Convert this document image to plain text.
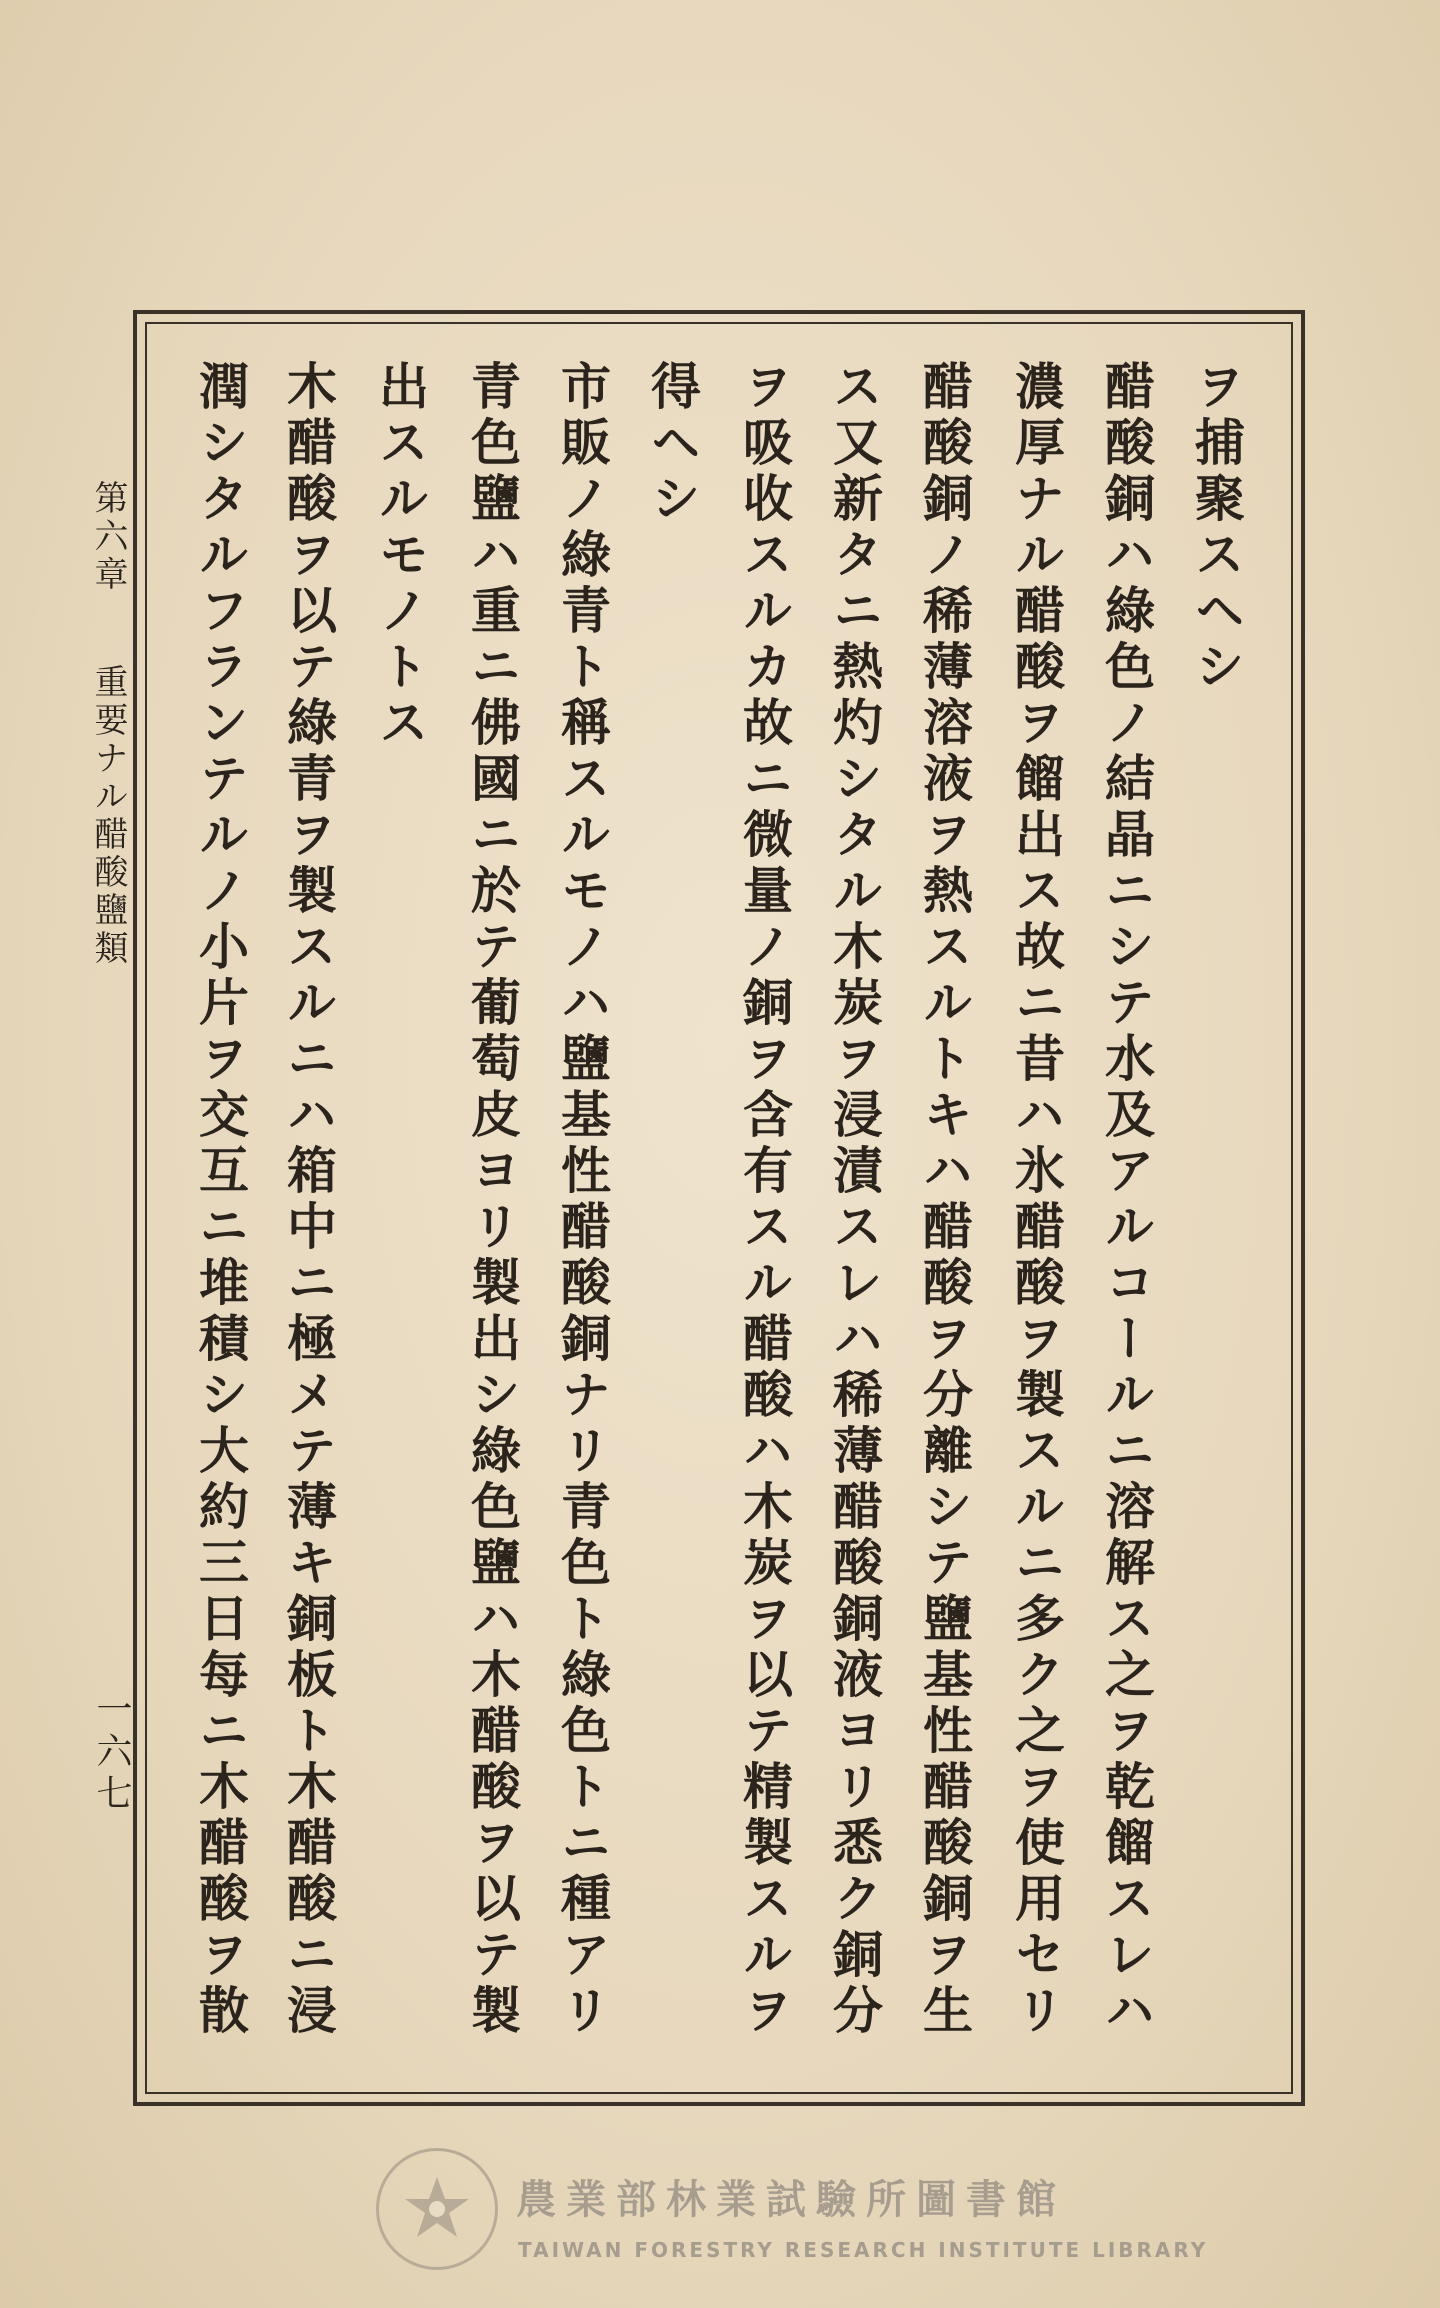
ヲ捕聚スヘシ
醋酸銅ハ綠色ノ結晶ニシテ水及アルコールニ溶解ス之ヲ乾餾スレハ
濃厚ナル醋酸ヲ餾出ス故ニ昔ハ氷醋酸ヲ製スルニ多ク之ヲ使用セリ
醋酸銅ノ稀薄溶液ヲ熱スルトキハ醋酸ヲ分離シテ鹽基性醋酸銅ヲ生
ス又新タニ熱灼シタル木炭ヲ浸漬スレハ稀薄醋酸銅液ヨリ悉ク銅分
ヲ吸收スルカ故ニ微量ノ銅ヲ含有スル醋酸ハ木炭ヲ以テ精製スルヲ
得ヘシ
市販ノ綠青ト稱スルモノハ鹽基性醋酸銅ナリ青色ト綠色トニ種アリ
青色鹽ハ重ニ佛國ニ於テ葡萄皮ヨリ製出シ綠色鹽ハ木醋酸ヲ以テ製
出スルモノトス
木醋酸ヲ以テ綠青ヲ製スルニハ箱中ニ極メテ薄キ銅板ト木醋酸ニ浸
潤シタルフランテルノ小片ヲ交互ニ堆積シ大約三日每ニ木醋酸ヲ散
第六章重要ナル醋酸鹽類
一六七
農業部林業試驗所圖書館
TAIWAN FORESTRY RESEARCH INSTITUTE LIBRARY
